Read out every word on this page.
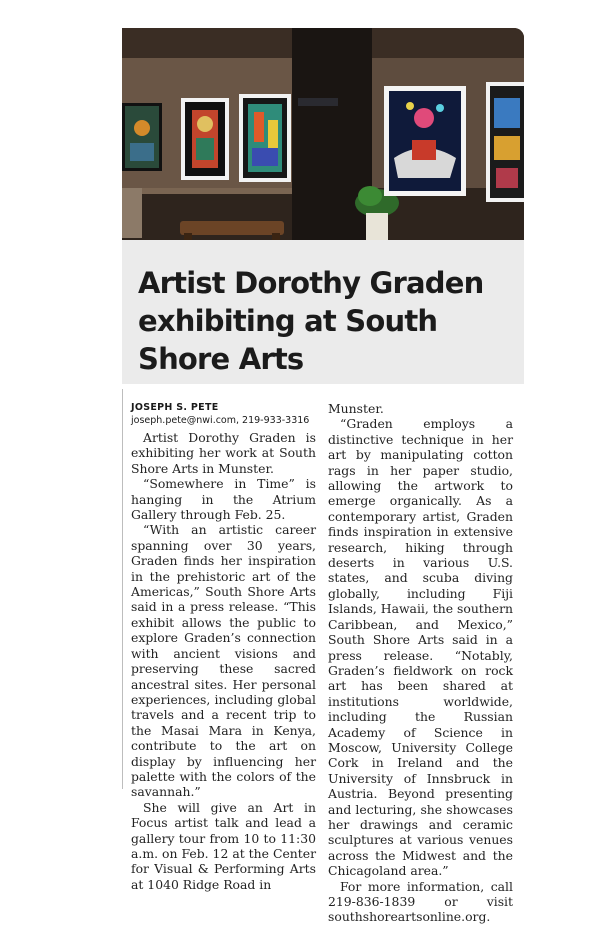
Artist Dorothy Graden exhibiting at South Shore Arts
JOSEPH S. PETE
joseph.pete@nwi.com, 219-933-3316

Artist Dorothy Graden is exhibiting her work at South Shore Arts in Munster.

“Somewhere in Time” is hanging in the Atrium Gallery through Feb. 25.

“With an artistic career spanning over 30 years, Graden finds her inspiration in the prehistoric art of the Americas,” South Shore Arts said in a press release. “This exhibit allows the public to explore Graden’s connection with ancient visions and preserving these sacred ancestral sites. Her personal experiences, including global travels and a recent trip to the Masai Mara in Kenya, contribute to the art on display by influencing her palette with the colors of the savannah.”

She will give an Art in Focus artist talk and lead a gallery tour from 10 to 11:30 a.m. on Feb. 12 at the Center for Visual & Performing Arts at 1040 Ridge Road in

Munster.

“Graden employs a distinctive technique in her art by manipulating cotton rags in her paper studio, allowing the artwork to emerge organically. As a contemporary artist, Graden finds inspiration in extensive research, hiking through deserts in various U.S. states, and scuba diving globally, including Fiji Islands, Hawaii, the southern Caribbean, and Mexico,” South Shore Arts said in a press release. “Notably, Graden’s fieldwork on rock art has been shared at institutions worldwide, including the Russian Academy of Science in Moscow, University College Cork in Ireland and the University of Innsbruck in Austria. Beyond presenting and lecturing, she showcases her drawings and ceramic sculptures at various venues across the Midwest and the Chicagoland area.”

For more information, call 219-836-1839 or visit southshoreartsonline.org.
